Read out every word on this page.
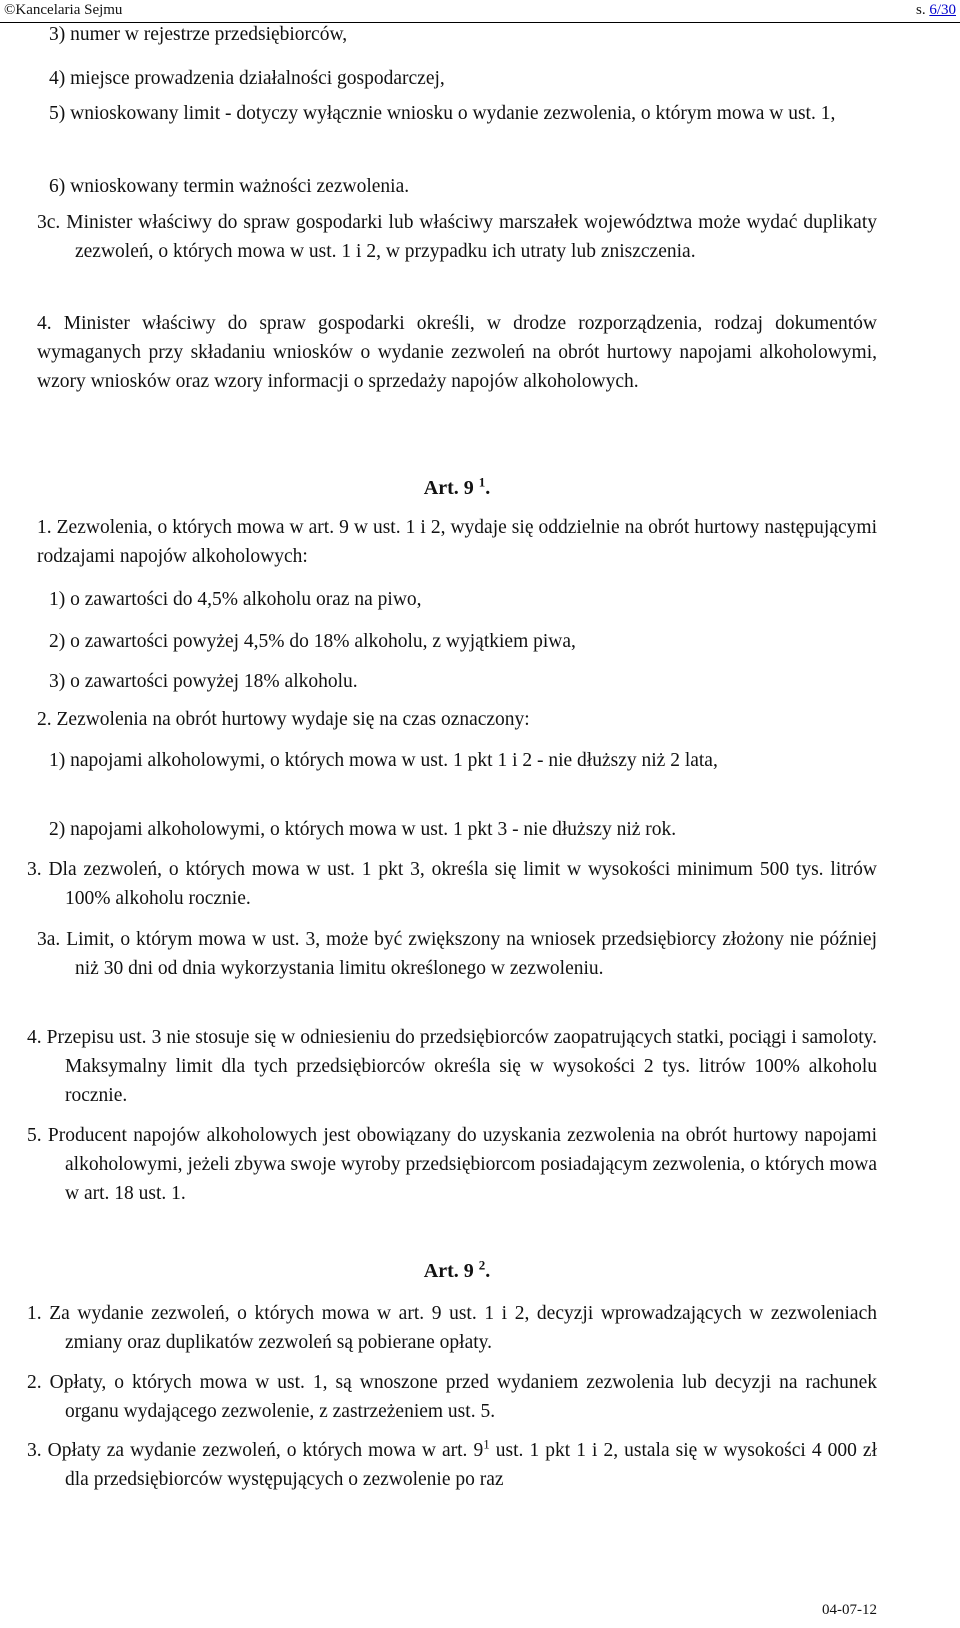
©Kancelaria Sejmu	s. 6/30

3) numer w rejestrze przedsiębiorców,

4) miejsce prowadzenia działalności gospodarczej,

5) wnioskowany limit - dotyczy wyłącznie wniosku o wydanie zezwolenia, o którym mowa w ust. 1,

6) wnioskowany termin ważności zezwolenia.

3c. Minister właściwy do spraw gospodarki lub właściwy marszałek województwa może wydać duplikaty zezwoleń, o których mowa w ust. 1 i 2, w przypadku ich utraty lub zniszczenia.

4. Minister właściwy do spraw gospodarki określi, w drodze rozporządzenia, rodzaj dokumentów wymaganych przy składaniu wniosków o wydanie zezwoleń na obrót hurtowy napojami alkoholowymi, wzory wniosków oraz wzory informacji o sprzedaży napojów alkoholowych.

Art. 9 $^1$.

1. Zezwolenia, o których mowa w art. 9 w ust. 1 i 2, wydaje się oddzielnie na obrót hurtowy następującymi rodzajami napojów alkoholowych:

1) o zawartości do 4,5% alkoholu oraz na piwo,

2) o zawartości powyżej 4,5% do 18% alkoholu, z wyjątkiem piwa,

3) o zawartości powyżej 18% alkoholu.

2. Zezwolenia na obrót hurtowy wydaje się na czas oznaczony:

1) napojami alkoholowymi, o których mowa w ust. 1 pkt 1 i 2 - nie dłuższy niż 2 lata,

2) napojami alkoholowymi, o których mowa w ust. 1 pkt 3 - nie dłuższy niż rok.

3. Dla zezwoleń, o których mowa w ust. 1 pkt 3, określa się limit w wysokości minimum 500 tys. litrów 100% alkoholu rocznie.

3a. Limit, o którym mowa w ust. 3, może być zwiększony na wniosek przedsiębiorcy złożony nie później niż 30 dni od dnia wykorzystania limitu określonego w zezwoleniu.

4. Przepisu ust. 3 nie stosuje się w odniesieniu do przedsiębiorców zaopatrujących statki, pociągi i samoloty. Maksymalny limit dla tych przedsiębiorców określa się w wysokości 2 tys. litrów 100% alkoholu rocznie.

5. Producent napojów alkoholowych jest obowiązany do uzyskania zezwolenia na obrót hurtowy napojami alkoholowymi, jeżeli zbywa swoje wyroby przedsiębiorcom posiadającym zezwolenia, o których mowa w art. 18 ust. 1.

Art. 9 $^2$.

1. Za wydanie zezwoleń, o których mowa w art. 9 ust. 1 i 2, decyzji wprowadzających w zezwoleniach zmiany oraz duplikatów zezwoleń są pobierane opłaty.

2. Opłaty, o których mowa w ust. 1, są wnoszone przed wydaniem zezwolenia lub decyzji na rachunek organu wydającego zezwolenie, z zastrzeżeniem ust. 5.

3. Opłaty za wydanie zezwoleń, o których mowa w art. $9^1$ ust. 1 pkt 1 i 2, ustala się w wysokości 4 000 zł dla przedsiębiorców występujących o zezwolenie po raz

04-07-12
